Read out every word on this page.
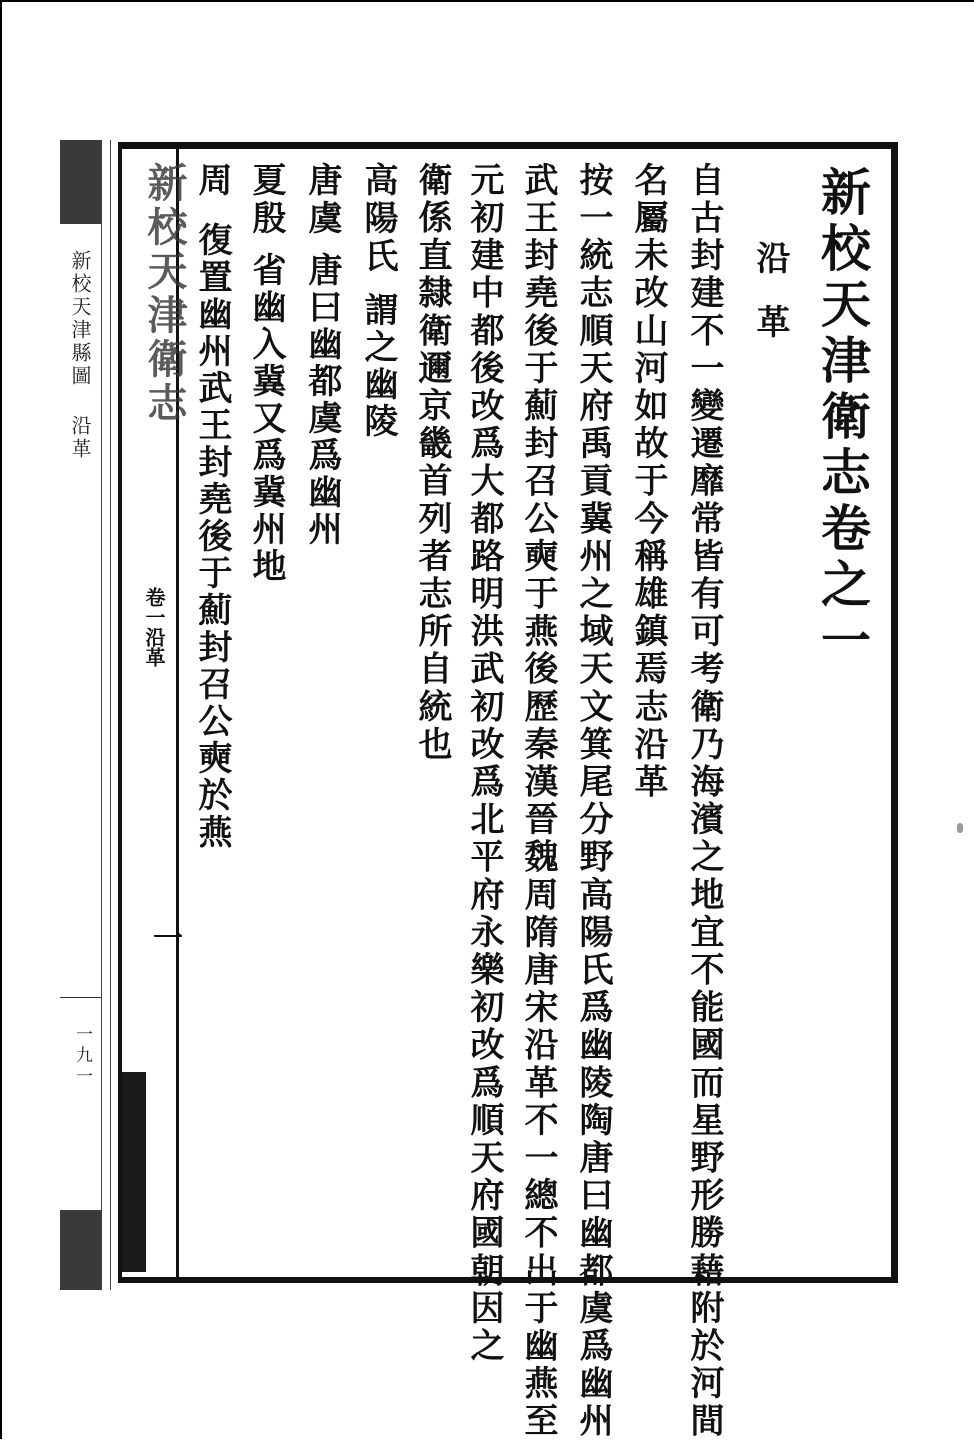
新校天津縣圖 沿革
一九一
新校天津衛志
卷一沿革
一
島紅校印
新校天津衛志卷之一
沿革
自古封建不一變遷靡常皆有可考衛乃海濱之地宜不能國而星野形勝藉附於河間
名屬未改山河如故于今稱雄鎮焉志沿革
按一統志順天府禹貢冀州之域天文箕尾分野高陽氏爲幽陵陶唐曰幽都虞爲幽州
武王封堯後于薊封召公奭于燕後歷秦漢晉魏周隋唐宋沿革不一總不出于幽燕至
元初建中都後改爲大都路明洪武初改爲北平府永樂初改爲順天府國朝因之
衛係直隸衛邇京畿首列者志所自統也
高陽氏
謂之幽陵
唐虞
唐曰幽都虞爲幽州
夏殷
省幽入冀又爲冀州地
周
復置幽州武王封堯後于薊封召公奭於燕
